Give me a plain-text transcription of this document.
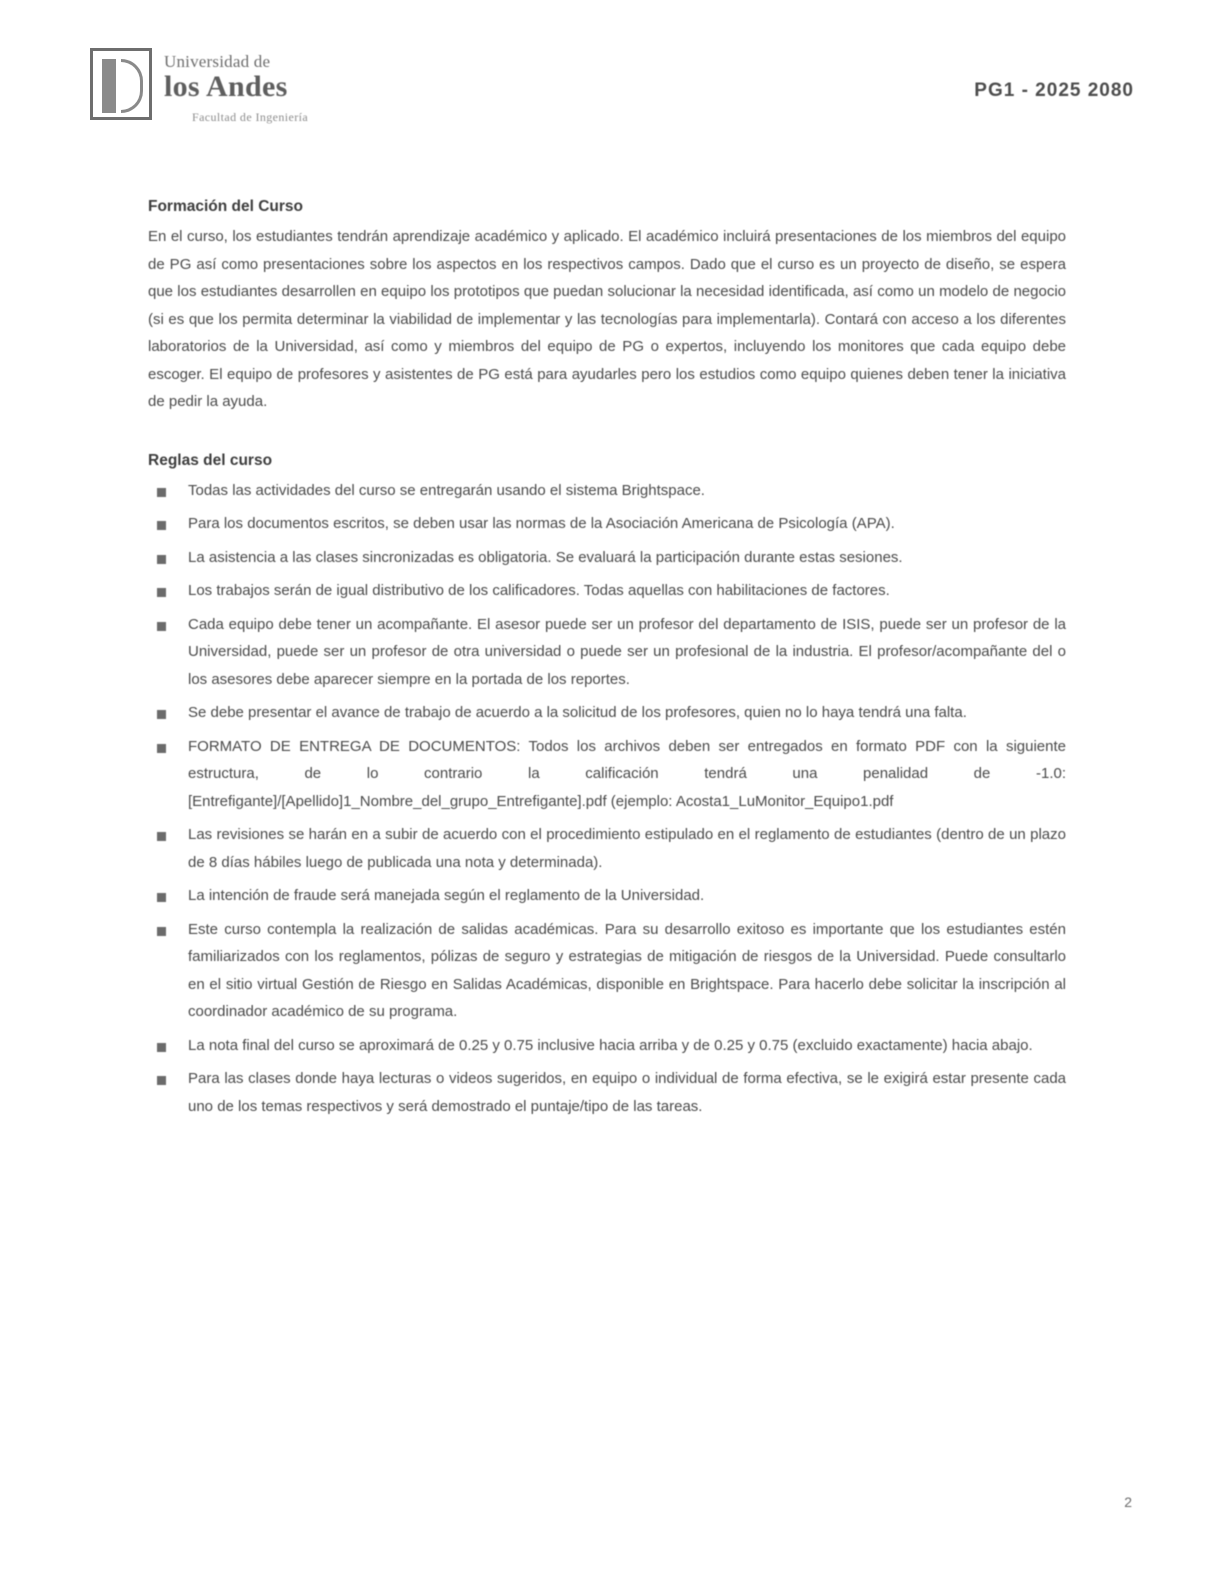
Universidad de
los Andes
Facultad de Ingeniería
PG1 - 2025 2080
Formación del Curso

En el curso, los estudiantes tendrán aprendizaje académico y aplicado. El académico incluirá presentaciones de los miembros del equipo de PG así como presentaciones sobre los aspectos en los respectivos campos. Dado que el curso es un proyecto de diseño, se espera que los estudiantes desarrollen en equipo los prototipos que puedan solucionar la necesidad identificada, así como un modelo de negocio (si es que los permita determinar la viabilidad de implementar y las tecnologías para implementarla). Contará con acceso a los diferentes laboratorios de la Universidad, así como y miembros del equipo de PG o expertos, incluyendo los monitores que cada equipo debe escoger. El equipo de profesores y asistentes de PG está para ayudarles pero los estudios como equipo quienes deben tener la iniciativa de pedir la ayuda.

Reglas del curso
Todas las actividades del curso se entregarán usando el sistema Brightspace.
Para los documentos escritos, se deben usar las normas de la Asociación Americana de Psicología (APA).
La asistencia a las clases sincronizadas es obligatoria. Se evaluará la participación durante estas sesiones.
Los trabajos serán de igual distributivo de los calificadores. Todas aquellas con habilitaciones de factores.
Cada equipo debe tener un acompañante. El asesor puede ser un profesor del departamento de ISIS, puede ser un profesor de la Universidad, puede ser un profesor de otra universidad o puede ser un profesional de la industria. El profesor/acompañante del o los asesores debe aparecer siempre en la portada de los reportes.
Se debe presentar el avance de trabajo de acuerdo a la solicitud de los profesores, quien no lo haya tendrá una falta.
FORMATO DE ENTREGA DE DOCUMENTOS: Todos los archivos deben ser entregados en formato PDF con la siguiente estructura, de lo contrario la calificación tendrá una penalidad de -1.0: [Entrefigante]/[Apellido]1_Nombre_del_grupo_Entrefigante].pdf (ejemplo: Acosta1_LuMonitor_Equipo1.pdf
Las revisiones se harán en a subir de acuerdo con el procedimiento estipulado en el reglamento de estudiantes (dentro de un plazo de 8 días hábiles luego de publicada una nota y determinada).
La intención de fraude será manejada según el reglamento de la Universidad.
Este curso contempla la realización de salidas académicas. Para su desarrollo exitoso es importante que los estudiantes estén familiarizados con los reglamentos, pólizas de seguro y estrategias de mitigación de riesgos de la Universidad. Puede consultarlo en el sitio virtual Gestión de Riesgo en Salidas Académicas, disponible en Brightspace. Para hacerlo debe solicitar la inscripción al coordinador académico de su programa.
La nota final del curso se aproximará de 0.25 y 0.75 inclusive hacia arriba y de 0.25 y 0.75 (excluido exactamente) hacia abajo.
Para las clases donde haya lecturas o videos sugeridos, en equipo o individual de forma efectiva, se le exigirá estar presente cada uno de los temas respectivos y será demostrado el puntaje/tipo de las tareas.
2
